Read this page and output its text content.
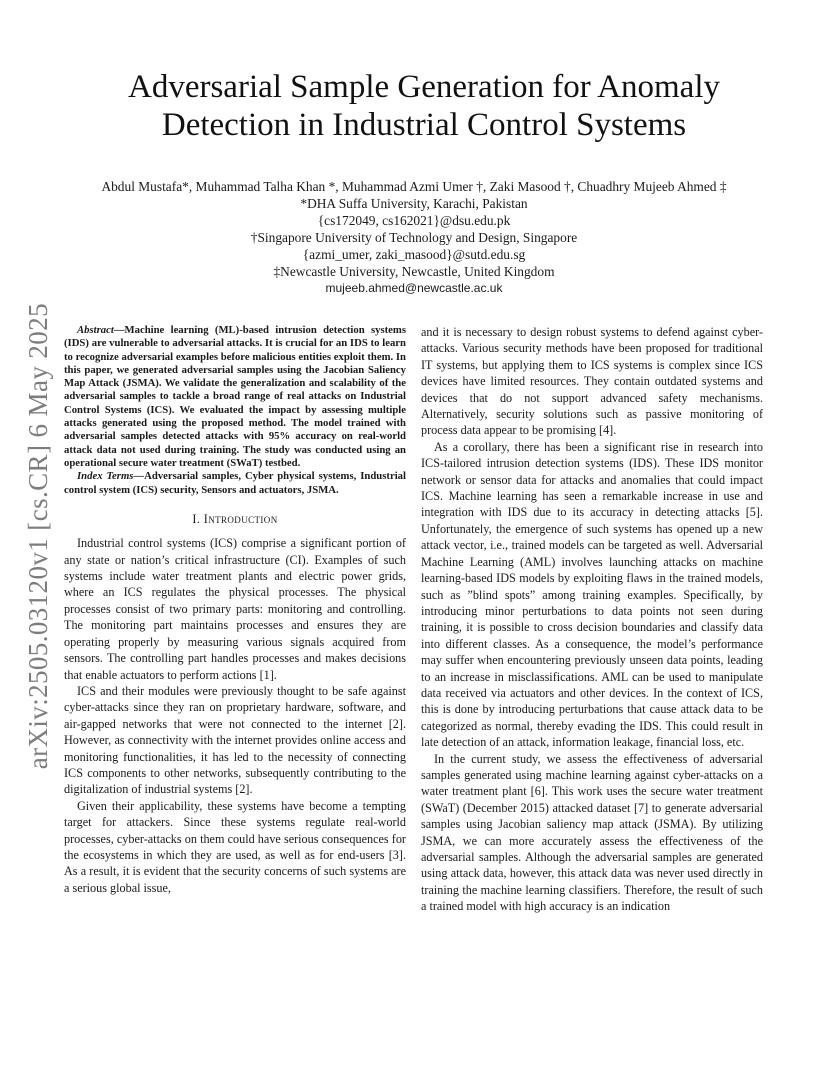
arXiv:2505.03120v1 [cs.CR] 6 May 2025
Adversarial Sample Generation for Anomaly
Detection in Industrial Control Systems
Abdul Mustafa*, Muhammad Talha Khan *, Muhammad Azmi Umer †, Zaki Masood †, Chuadhry Mujeeb Ahmed ‡
*DHA Suffa University, Karachi, Pakistan
{cs172049, cs162021}@dsu.edu.pk
†Singapore University of Technology and Design, Singapore
{azmi_umer, zaki_masood}@sutd.edu.sg
‡Newcastle University, Newcastle, United Kingdom
mujeeb.ahmed@newcastle.ac.uk

Abstract—Machine learning (ML)-based intrusion detection systems (IDS) are vulnerable to adversarial attacks. It is crucial for an IDS to learn to recognize adversarial examples before malicious entities exploit them. In this paper, we generated adversarial samples using the Jacobian Saliency Map Attack (JSMA). We validate the generalization and scalability of the adversarial samples to tackle a broad range of real attacks on Industrial Control Systems (ICS). We evaluated the impact by assessing multiple attacks generated using the proposed method. The model trained with adversarial samples detected attacks with 95% accuracy on real-world attack data not used during training. The study was conducted using an operational secure water treatment (SWaT) testbed.

Index Terms—Adversarial samples, Cyber physical systems, Industrial control system (ICS) security, Sensors and actuators, JSMA.

I. Introduction

Industrial control systems (ICS) comprise a significant portion of any state or nation’s critical infrastructure (CI). Examples of such systems include water treatment plants and electric power grids, where an ICS regulates the physical processes. The physical processes consist of two primary parts: monitoring and controlling. The monitoring part maintains processes and ensures they are operating properly by measuring various signals acquired from sensors. The controlling part handles processes and makes decisions that enable actuators to perform actions [1].

ICS and their modules were previously thought to be safe against cyber-attacks since they ran on proprietary hardware, software, and air-gapped networks that were not connected to the internet [2]. However, as connectivity with the internet provides online access and monitoring functionalities, it has led to the necessity of connecting ICS components to other networks, subsequently contributing to the digitalization of industrial systems [2].

Given their applicability, these systems have become a tempting target for attackers. Since these systems regulate real-world processes, cyber-attacks on them could have serious consequences for the ecosystems in which they are used, as well as for end-users [3]. As a result, it is evident that the security concerns of such systems are a serious global issue,

and it is necessary to design robust systems to defend against cyber-attacks. Various security methods have been proposed for traditional IT systems, but applying them to ICS systems is complex since ICS devices have limited resources. They contain outdated systems and devices that do not support advanced safety mechanisms. Alternatively, security solutions such as passive monitoring of process data appear to be promising [4].

As a corollary, there has been a significant rise in research into ICS-tailored intrusion detection systems (IDS). These IDS monitor network or sensor data for attacks and anomalies that could impact ICS. Machine learning has seen a remarkable increase in use and integration with IDS due to its accuracy in detecting attacks [5]. Unfortunately, the emergence of such systems has opened up a new attack vector, i.e., trained models can be targeted as well. Adversarial Machine Learning (AML) involves launching attacks on machine learning-based IDS models by exploiting flaws in the trained models, such as ”blind spots” among training examples. Specifically, by introducing minor perturbations to data points not seen during training, it is possible to cross decision boundaries and classify data into different classes. As a consequence, the model’s performance may suffer when encountering previously unseen data points, leading to an increase in misclassifications. AML can be used to manipulate data received via actuators and other devices. In the context of ICS, this is done by introducing perturbations that cause attack data to be categorized as normal, thereby evading the IDS. This could result in late detection of an attack, information leakage, financial loss, etc.

In the current study, we assess the effectiveness of adversarial samples generated using machine learning against cyber-attacks on a water treatment plant [6]. This work uses the secure water treatment (SWaT) (December 2015) attacked dataset [7] to generate adversarial samples using Jacobian saliency map attack (JSMA). By utilizing JSMA, we can more accurately assess the effectiveness of the adversarial samples. Although the adversarial samples are generated using attack data, however, this attack data was never used directly in training the machine learning classifiers. Therefore, the result of such a trained model with high accuracy is an indication
